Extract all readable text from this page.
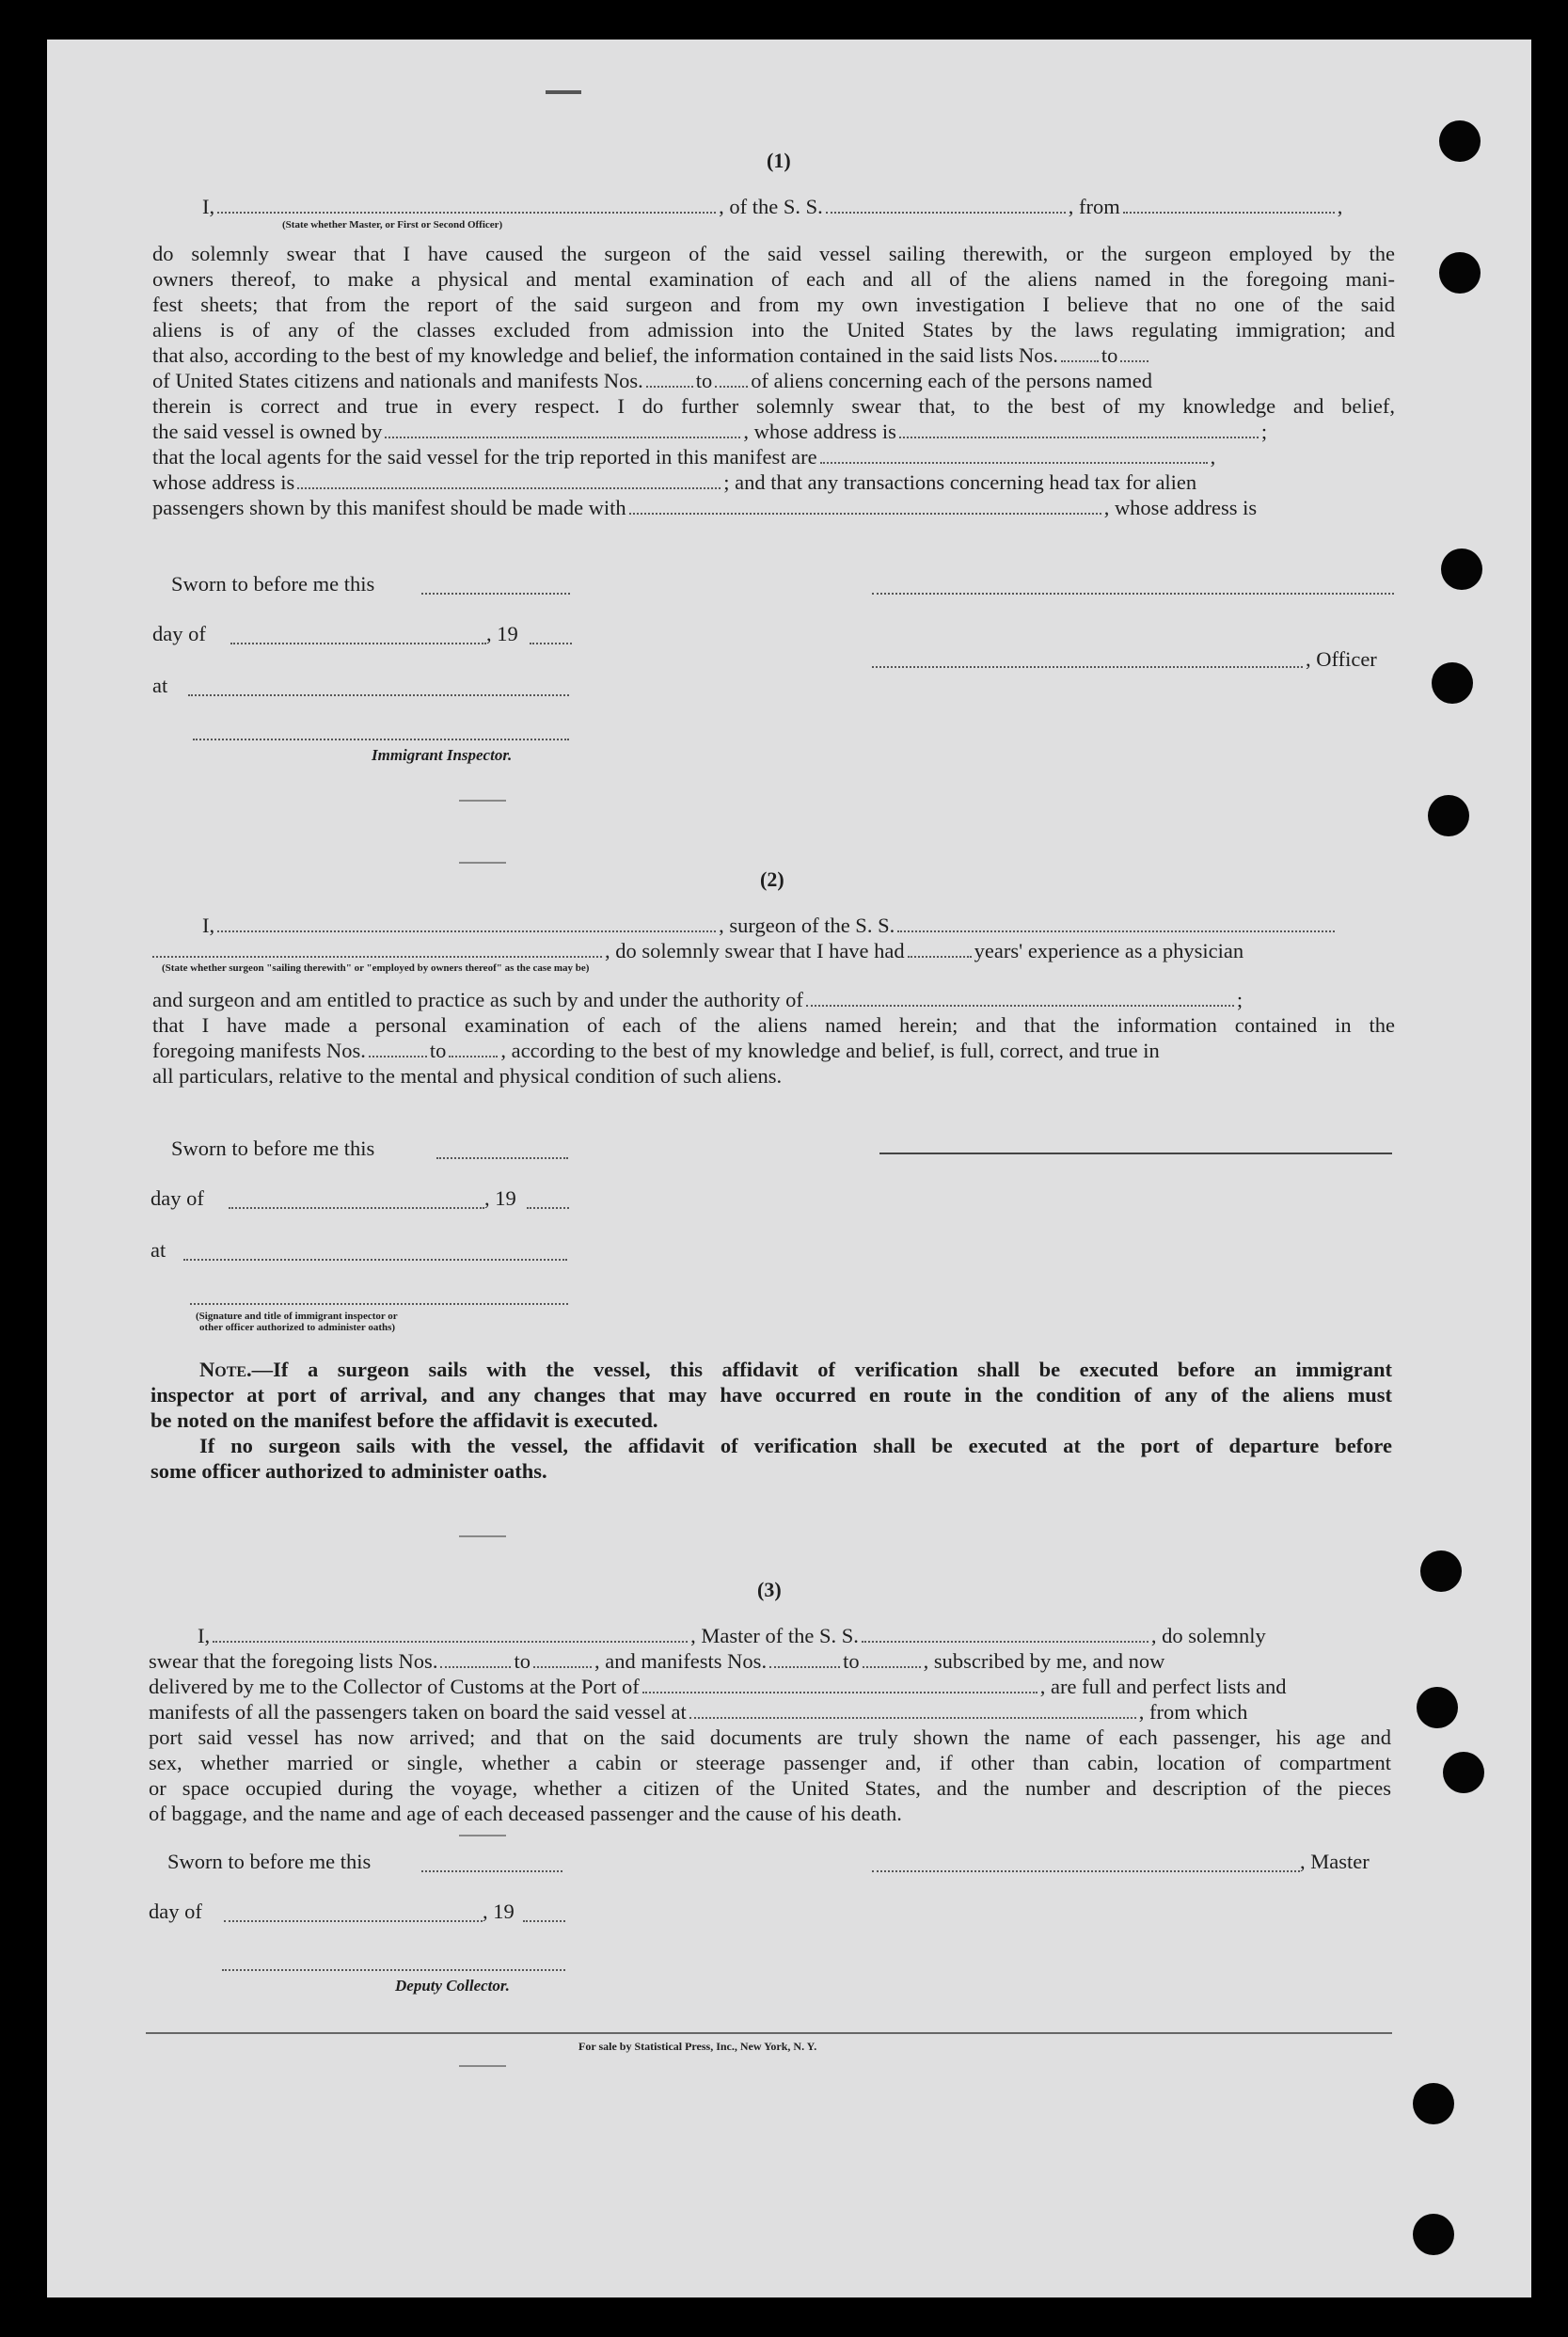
(1)
I,	, of the S. S.	, from	,
(State whether Master, or First or Second Officer)
do solemnly swear that I have caused the surgeon of the said vessel sailing therewith, or the surgeon employed by the
owners thereof, to make a physical and mental examination of each and all of the aliens named in the foregoing mani-
fest sheets; that from the report of the said surgeon and from my own investigation I believe that no one of the said
aliens is of any of the classes excluded from admission into the United States by the laws regulating immigration; and
that also, according to the best of my knowledge and belief, the information contained in the said lists Nos. to
of United States citizens and nationals and manifests Nos. to of aliens concerning each of the persons named
therein is correct and true in every respect. I do further solemnly swear that, to the best of my knowledge and belief,
the said vessel is owned by	, whose address is	;
that the local agents for the said vessel for the trip reported in this manifest are	,
whose address is	; and that any transactions concerning head tax for alien
passengers shown by this manifest should be made with	, whose address is
Sworn to before me this
day of	, 19
, Officer
at
Immigrant Inspector.
(2)
I,	, surgeon of the S. S.
, do solemnly swear that I have had	years' experience as a physician
(State whether surgeon "sailing therewith" or "employed by owners thereof" as the case may be)
and surgeon and am entitled to practice as such by and under the authority of	;
that I have made a personal examination of each of the aliens named herein; and that the information contained in the
foregoing manifests Nos.	to	, according to the best of my knowledge and belief, is full, correct, and true in
all particulars, relative to the mental and physical condition of such aliens.
Sworn to before me this
day of	, 19
at
(Signature and title of immigrant inspector or
other officer authorized to administer oaths)
Note.—If a surgeon sails with the vessel, this affidavit of verification shall be executed before an immigrant
inspector at port of arrival, and any changes that may have occurred en route in the condition of any of the aliens must
be noted on the manifest before the affidavit is executed.
If no surgeon sails with the vessel, the affidavit of verification shall be executed at the port of departure before
some officer authorized to administer oaths.
(3)
I,	, Master of the S. S.	, do solemnly
swear that the foregoing lists Nos.	to	, and manifests Nos.	to	, subscribed by me, and now
delivered by me to the Collector of Customs at the Port of	, are full and perfect lists and
manifests of all the passengers taken on board the said vessel at	, from which
port said vessel has now arrived; and that on the said documents are truly shown the name of each passenger, his age and
sex, whether married or single, whether a cabin or steerage passenger and, if other than cabin, location of compartment
or space occupied during the voyage, whether a citizen of the United States, and the number and description of the pieces
of baggage, and the name and age of each deceased passenger and the cause of his death.
Sworn to before me this	, Master
day of	, 19
Deputy Collector.
For sale by Statistical Press, Inc., New York, N. Y.
